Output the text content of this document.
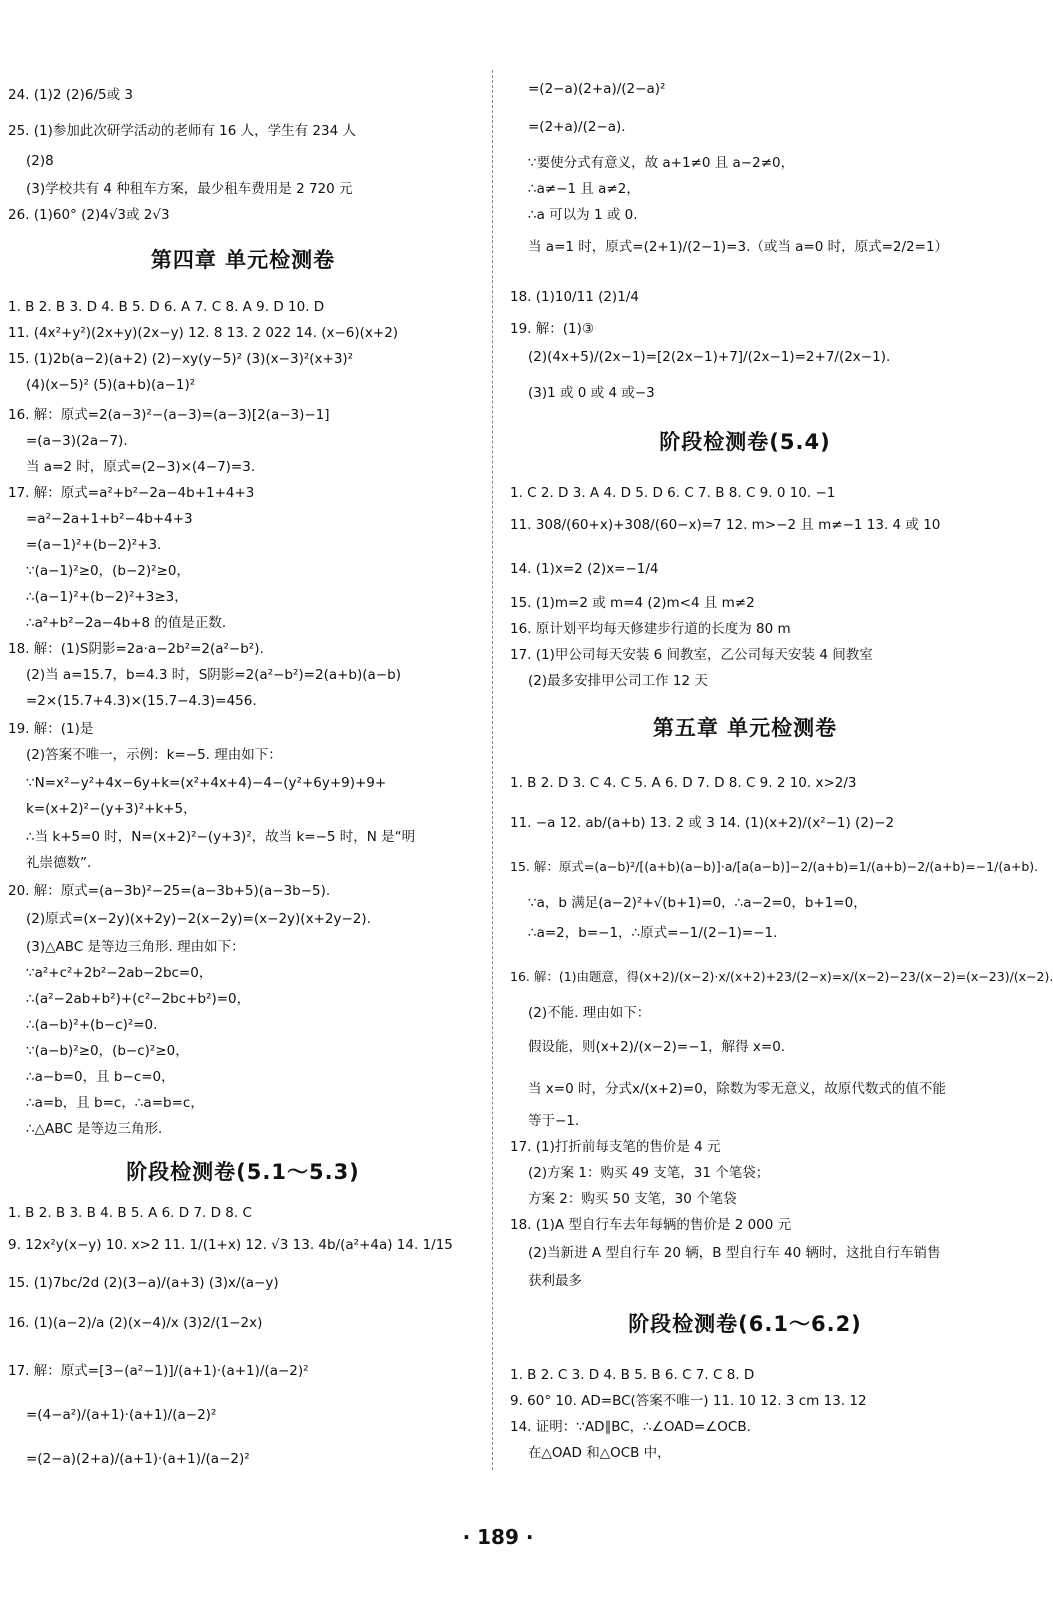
24. (1)2 (2)6/5或 3
25. (1)参加此次研学活动的老师有 16 人，学生有 234 人
(2)8
(3)学校共有 4 种租车方案，最少租车费用是 2 720 元
26. (1)60° (2)4√3或 2√3
第四章 单元检测卷
1. B 2. B 3. D 4. B 5. D 6. A 7. C 8. A 9. D 10. D
11. (4x²+y²)(2x+y)(2x−y) 12. 8 13. 2 022 14. (x−6)(x+2)
15. (1)2b(a−2)(a+2) (2)−xy(y−5)² (3)(x−3)²(x+3)²
(4)(x−5)² (5)(a+b)(a−1)²
16. 解：原式=2(a−3)²−(a−3)=(a−3)[2(a−3)−1]
=(a−3)(2a−7).
当 a=2 时，原式=(2−3)×(4−7)=3.
17. 解：原式=a²+b²−2a−4b+1+4+3
=a²−2a+1+b²−4b+4+3
=(a−1)²+(b−2)²+3.
∵(a−1)²≥0，(b−2)²≥0，
∴(a−1)²+(b−2)²+3≥3，
∴a²+b²−2a−4b+8 的值是正数.
18. 解：(1)S阴影=2a·a−2b²=2(a²−b²).
(2)当 a=15.7，b=4.3 时，S阴影=2(a²−b²)=2(a+b)(a−b)
=2×(15.7+4.3)×(15.7−4.3)=456.
19. 解：(1)是
(2)答案不唯一，示例：k=−5. 理由如下：
∵N=x²−y²+4x−6y+k=(x²+4x+4)−4−(y²+6y+9)+9+
k=(x+2)²−(y+3)²+k+5，
∴当 k+5=0 时，N=(x+2)²−(y+3)²，故当 k=−5 时，N 是“明
礼崇德数”.
20. 解：原式=(a−3b)²−25=(a−3b+5)(a−3b−5).
(2)原式=(x−2y)(x+2y)−2(x−2y)=(x−2y)(x+2y−2).
(3)△ABC 是等边三角形. 理由如下：
∵a²+c²+2b²−2ab−2bc=0，
∴(a²−2ab+b²)+(c²−2bc+b²)=0，
∴(a−b)²+(b−c)²=0.
∵(a−b)²≥0，(b−c)²≥0，
∴a−b=0，且 b−c=0，
∴a=b，且 b=c，∴a=b=c，
∴△ABC 是等边三角形.
阶段检测卷(5.1～5.3)
1. B 2. B 3. B 4. B 5. A 6. D 7. D 8. C
9. 12x²y(x−y) 10. x>2 11. 1/(1+x) 12. √3 13. 4b/(a²+4a) 14. 1/15
15. (1)7bc/2d (2)(3−a)/(a+3) (3)x/(a−y)
16. (1)(a−2)/a (2)(x−4)/x (3)2/(1−2x)
17. 解：原式=[3−(a²−1)]/(a+1)·(a+1)/(a−2)²
=(4−a²)/(a+1)·(a+1)/(a−2)²
=(2−a)(2+a)/(a+1)·(a+1)/(a−2)²
=(2−a)(2+a)/(2−a)²
=(2+a)/(2−a).
∵要使分式有意义，故 a+1≠0 且 a−2≠0，
∴a≠−1 且 a≠2，
∴a 可以为 1 或 0.
当 a=1 时，原式=(2+1)/(2−1)=3.（或当 a=0 时，原式=2/2=1）
18. (1)10/11 (2)1/4
19. 解：(1)③
(2)(4x+5)/(2x−1)=[2(2x−1)+7]/(2x−1)=2+7/(2x−1).
(3)1 或 0 或 4 或−3
阶段检测卷(5.4)
1. C 2. D 3. A 4. D 5. D 6. C 7. B 8. C 9. 0 10. −1
11. 308/(60+x)+308/(60−x)=7 12. m>−2 且 m≠−1 13. 4 或 10
14. (1)x=2 (2)x=−1/4
15. (1)m=2 或 m=4 (2)m<4 且 m≠2
16. 原计划平均每天修建步行道的长度为 80 m
17. (1)甲公司每天安装 6 间教室，乙公司每天安装 4 间教室
(2)最多安排甲公司工作 12 天
第五章 单元检测卷
1. B 2. D 3. C 4. C 5. A 6. D 7. D 8. C 9. 2 10. x>2/3
11. −a 12. ab/(a+b) 13. 2 或 3 14. (1)(x+2)/(x²−1) (2)−2
15. 解：原式=(a−b)²/[(a+b)(a−b)]·a/[a(a−b)]−2/(a+b)=1/(a+b)−2/(a+b)=−1/(a+b).
∵a，b 满足(a−2)²+√(b+1)=0，∴a−2=0，b+1=0，
∴a=2，b=−1，∴原式=−1/(2−1)=−1.
16. 解：(1)由题意，得(x+2)/(x−2)·x/(x+2)+23/(2−x)=x/(x−2)−23/(x−2)=(x−23)/(x−2).
(2)不能. 理由如下：
假设能，则(x+2)/(x−2)=−1，解得 x=0.
当 x=0 时，分式x/(x+2)=0，除数为零无意义，故原代数式的值不能
等于−1.
17. (1)打折前每支笔的售价是 4 元
(2)方案 1：购买 49 支笔，31 个笔袋；
方案 2：购买 50 支笔，30 个笔袋
18. (1)A 型自行车去年每辆的售价是 2 000 元
(2)当新进 A 型自行车 20 辆，B 型自行车 40 辆时，这批自行车销售
获利最多
阶段检测卷(6.1～6.2)
1. B 2. C 3. D 4. B 5. B 6. C 7. C 8. D
9. 60° 10. AD=BC(答案不唯一) 11. 10 12. 3 cm 13. 12
14. 证明：∵AD∥BC，∴∠OAD=∠OCB.
在△OAD 和△OCB 中，
· 189 ·
